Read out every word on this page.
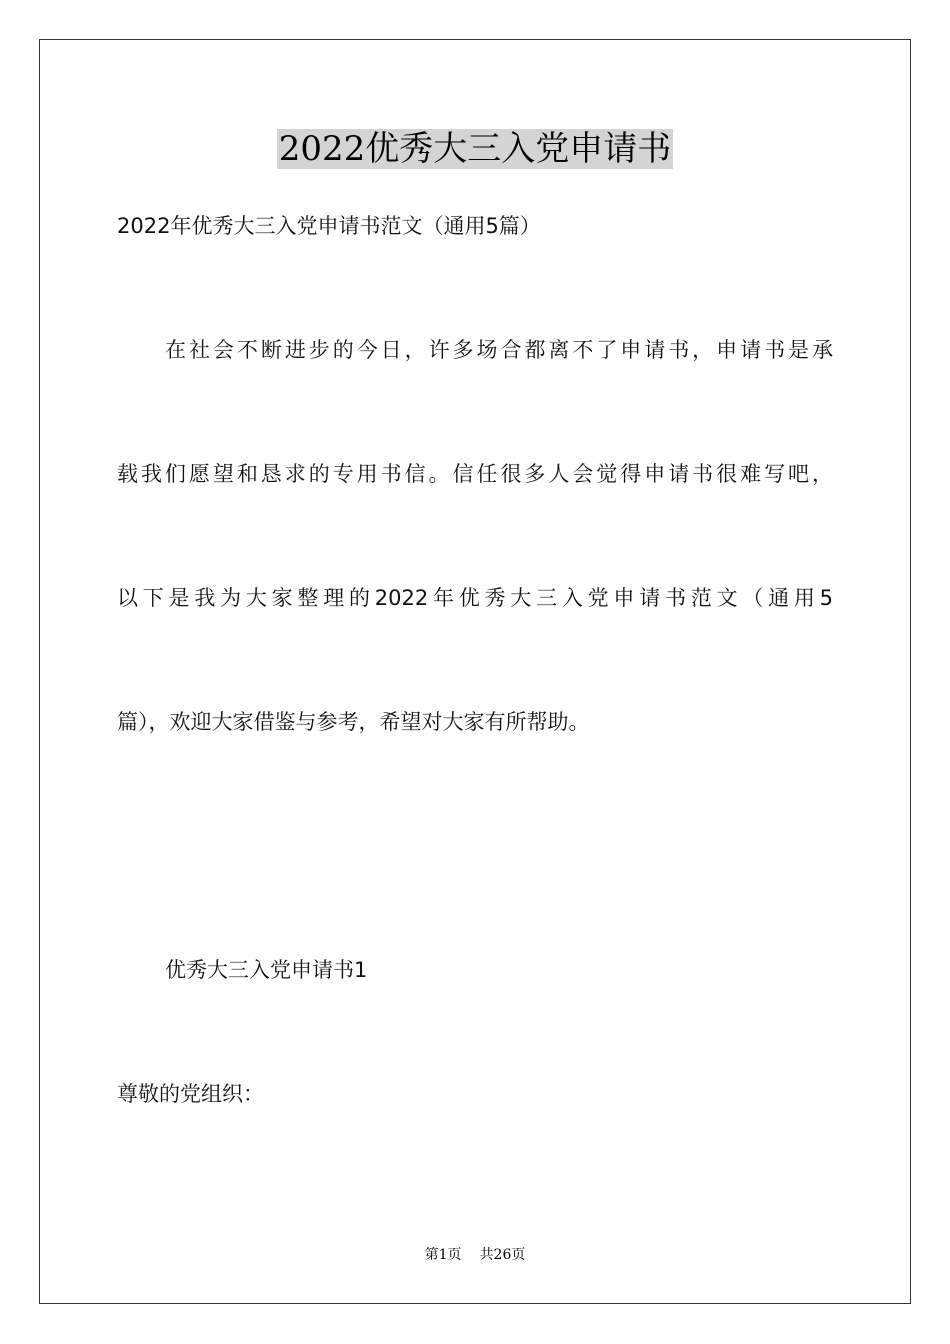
2022优秀大三入党申请书
2022年优秀大三入党申请书范文（通用5篇）
在社会不断进步的今日，许多场合都离不了申请书，申请书是承
载我们愿望和恳求的专用书信。信任很多人会觉得申请书很难写吧，
以下是我为大家整理的2022年优秀大三入党申请书范文（通用5
篇），欢迎大家借鉴与参考，希望对大家有所帮助。
优秀大三入党申请书1
尊敬的党组织：
第1页 共26页
